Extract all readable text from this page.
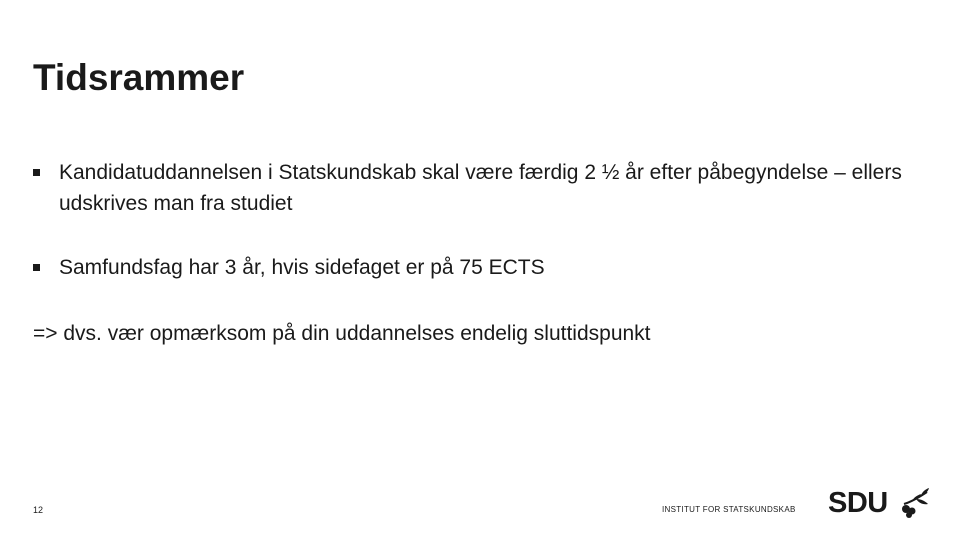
Tidsrammer
Kandidatuddannelsen i Statskundskab skal være færdig 2 ½ år efter påbegyndelse – ellers udskrives man fra studiet
Samfundsfag har 3 år, hvis sidefaget er på 75 ECTS
=> dvs. vær opmærksom på din uddannelses endelig sluttidspunkt
12	INSTITUT FOR STATSKUNDSKAB SDU
